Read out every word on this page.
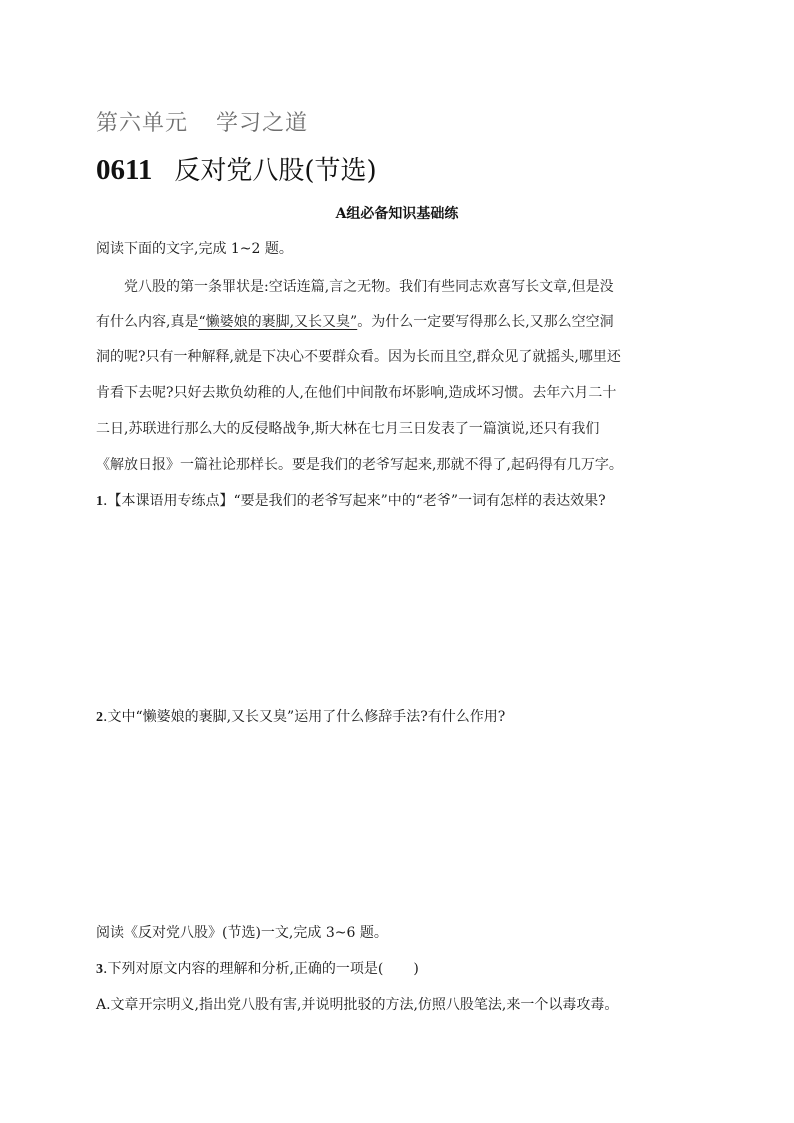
第六单元 学习之道
0611 反对党八股(节选)
A组必备知识基础练
阅读下面的文字,完成 1~2 题。
党八股的第一条罪状是:空话连篇,言之无物。我们有些同志欢喜写长文章,但是没
有什么内容,真是“懒婆娘的裹脚,又长又臭”。为什么一定要写得那么长,又那么空空洞
洞的呢?只有一种解释,就是下决心不要群众看。因为长而且空,群众见了就摇头,哪里还
肯看下去呢?只好去欺负幼稚的人,在他们中间散布坏影响,造成坏习惯。去年六月二十
二日,苏联进行那么大的反侵略战争,斯大林在七月三日发表了一篇演说,还只有我们
《解放日报》一篇社论那样长。要是我们的老爷写起来,那就不得了,起码得有几万字。
1.【本课语用专练点】“要是我们的老爷写起来”中的“老爷”一词有怎样的表达效果?
2.文中“懒婆娘的裹脚,又长又臭”运用了什么修辞手法?有什么作用?
阅读《反对党八股》(节选)一文,完成 3~6 题。
3.下列对原文内容的理解和分析,正确的一项是( )
A.文章开宗明义,指出党八股有害,并说明批驳的方法,仿照八股笔法,来一个以毒攻毒。
